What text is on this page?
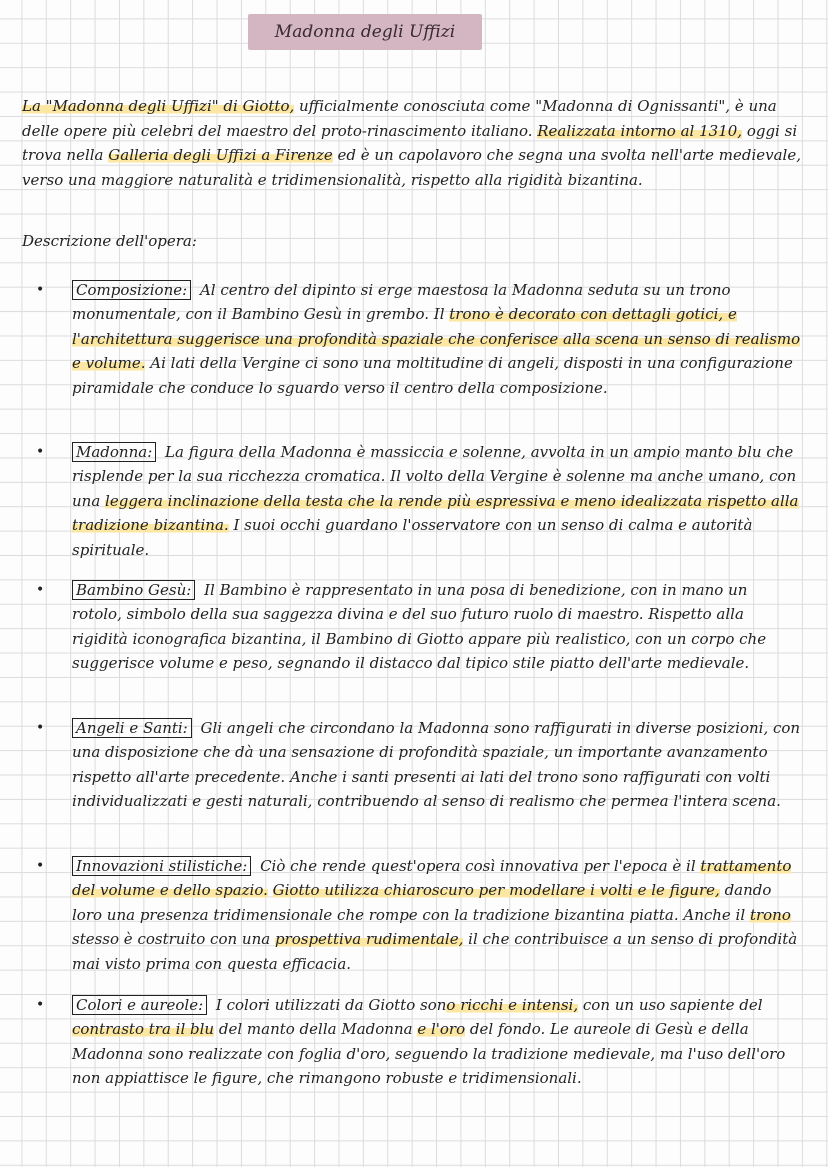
Madonna degli Uffizi
La "Madonna degli Uffizi" di Giotto, ufficialmente conosciuta come "Madonna di Ognissanti", è una delle opere più celebri del maestro del proto-rinascimento italiano. Realizzata intorno al 1310, oggi si trova nella Galleria degli Uffizi a Firenze ed è un capolavoro che segna una svolta nell'arte medievale, verso una maggiore naturalità e tridimensionalità, rispetto alla rigidità bizantina.
Descrizione dell'opera:
• Composizione: Al centro del dipinto si erge maestosa la Madonna seduta su un trono monumentale, con il Bambino Gesù in grembo. Il trono è decorato con dettagli gotici, e l'architettura suggerisce una profondità spaziale che conferisce alla scena un senso di realismo e volume. Ai lati della Vergine ci sono una moltitudine di angeli, disposti in una configurazione piramidale che conduce lo sguardo verso il centro della composizione.
• Madonna: La figura della Madonna è massiccia e solenne, avvolta in un ampio manto blu che risplende per la sua ricchezza cromatica. Il volto della Vergine è solenne ma anche umano, con una leggera inclinazione della testa che la rende più espressiva e meno idealizzata rispetto alla tradizione bizantina. I suoi occhi guardano l'osservatore con un senso di calma e autorità spirituale.
• Bambino Gesù: Il Bambino è rappresentato in una posa di benedizione, con in mano un rotolo, simbolo della sua saggezza divina e del suo futuro ruolo di maestro. Rispetto alla rigidità iconografica bizantina, il Bambino di Giotto appare più realistico, con un corpo che suggerisce volume e peso, segnando il distacco dal tipico stile piatto dell'arte medievale.
• Angeli e Santi: Gli angeli che circondano la Madonna sono raffigurati in diverse posizioni, con una disposizione che dà una sensazione di profondità spaziale, un importante avanzamento rispetto all'arte precedente. Anche i santi presenti ai lati del trono sono raffigurati con volti individualizzati e gesti naturali, contribuendo al senso di realismo che permea l'intera scena.
• Innovazioni stilistiche: Ciò che rende quest'opera così innovativa per l'epoca è il trattamento del volume e dello spazio. Giotto utilizza chiaroscuro per modellare i volti e le figure, dando loro una presenza tridimensionale che rompe con la tradizione bizantina piatta. Anche il trono stesso è costruito con una prospettiva rudimentale, il che contribuisce a un senso di profondità mai visto prima con questa efficacia.
• Colori e aureole: I colori utilizzati da Giotto sono ricchi e intensi, con un uso sapiente del contrasto tra il blu del manto della Madonna e l'oro del fondo. Le aureole di Gesù e della Madonna sono realizzate con foglia d'oro, seguendo la tradizione medievale, ma l'uso dell'oro non appiattisce le figure, che rimangono robuste e tridimensionali.
